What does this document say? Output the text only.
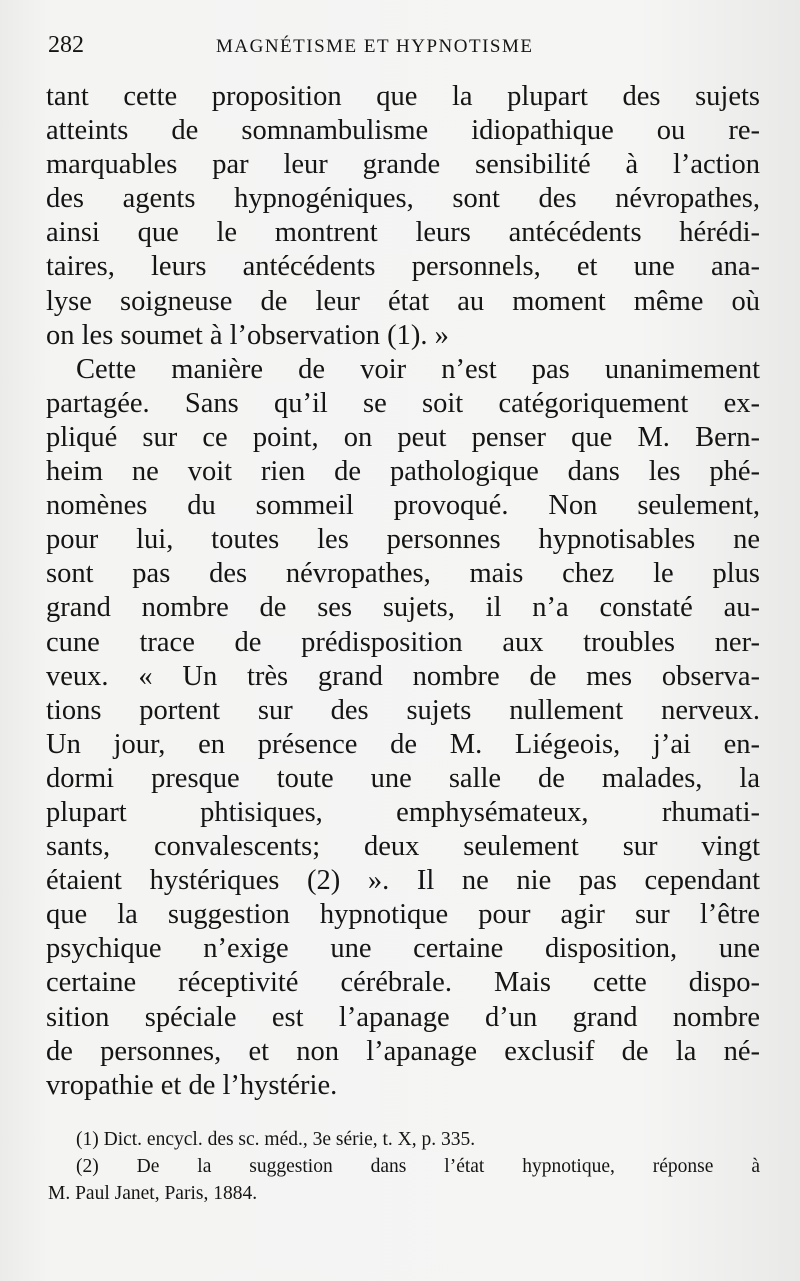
282	MAGNÉTISME ET HYPNOTISME
tant cette proposition que la plupart des sujets
atteints de somnambulisme idiopathique ou re-
marquables par leur grande sensibilité à l’action
des agents hypnogéniques, sont des névropathes,
ainsi que le montrent leurs antécédents hérédi-
taires, leurs antécédents personnels, et une ana-
lyse soigneuse de leur état au moment même où
on les soumet à l’observation (1). »
Cette manière de voir n’est pas unanimement
partagée. Sans qu’il se soit catégoriquement ex-
pliqué sur ce point, on peut penser que M. Bern-
heim ne voit rien de pathologique dans les phé-
nomènes du sommeil provoqué. Non seulement,
pour lui, toutes les personnes hypnotisables ne
sont pas des névropathes, mais chez le plus
grand nombre de ses sujets, il n’a constaté au-
cune trace de prédisposition aux troubles ner-
veux. « Un très grand nombre de mes observa-
tions portent sur des sujets nullement nerveux.
Un jour, en présence de M. Liégeois, j’ai en-
dormi presque toute une salle de malades, la
plupart phtisiques, emphysémateux, rhumati-
sants, convalescents; deux seulement sur vingt
étaient hystériques (2) ». Il ne nie pas cependant
que la suggestion hypnotique pour agir sur l’être
psychique n’exige une certaine disposition, une
certaine réceptivité cérébrale. Mais cette dispo-
sition spéciale est l’apanage d’un grand nombre
de personnes, et non l’apanage exclusif de la né-
vropathie et de l’hystérie.
(1) Dict. encycl. des sc. méd., 3e série, t. X, p. 335.
(2) De la suggestion dans l’état hypnotique, réponse à
M. Paul Janet, Paris, 1884.
